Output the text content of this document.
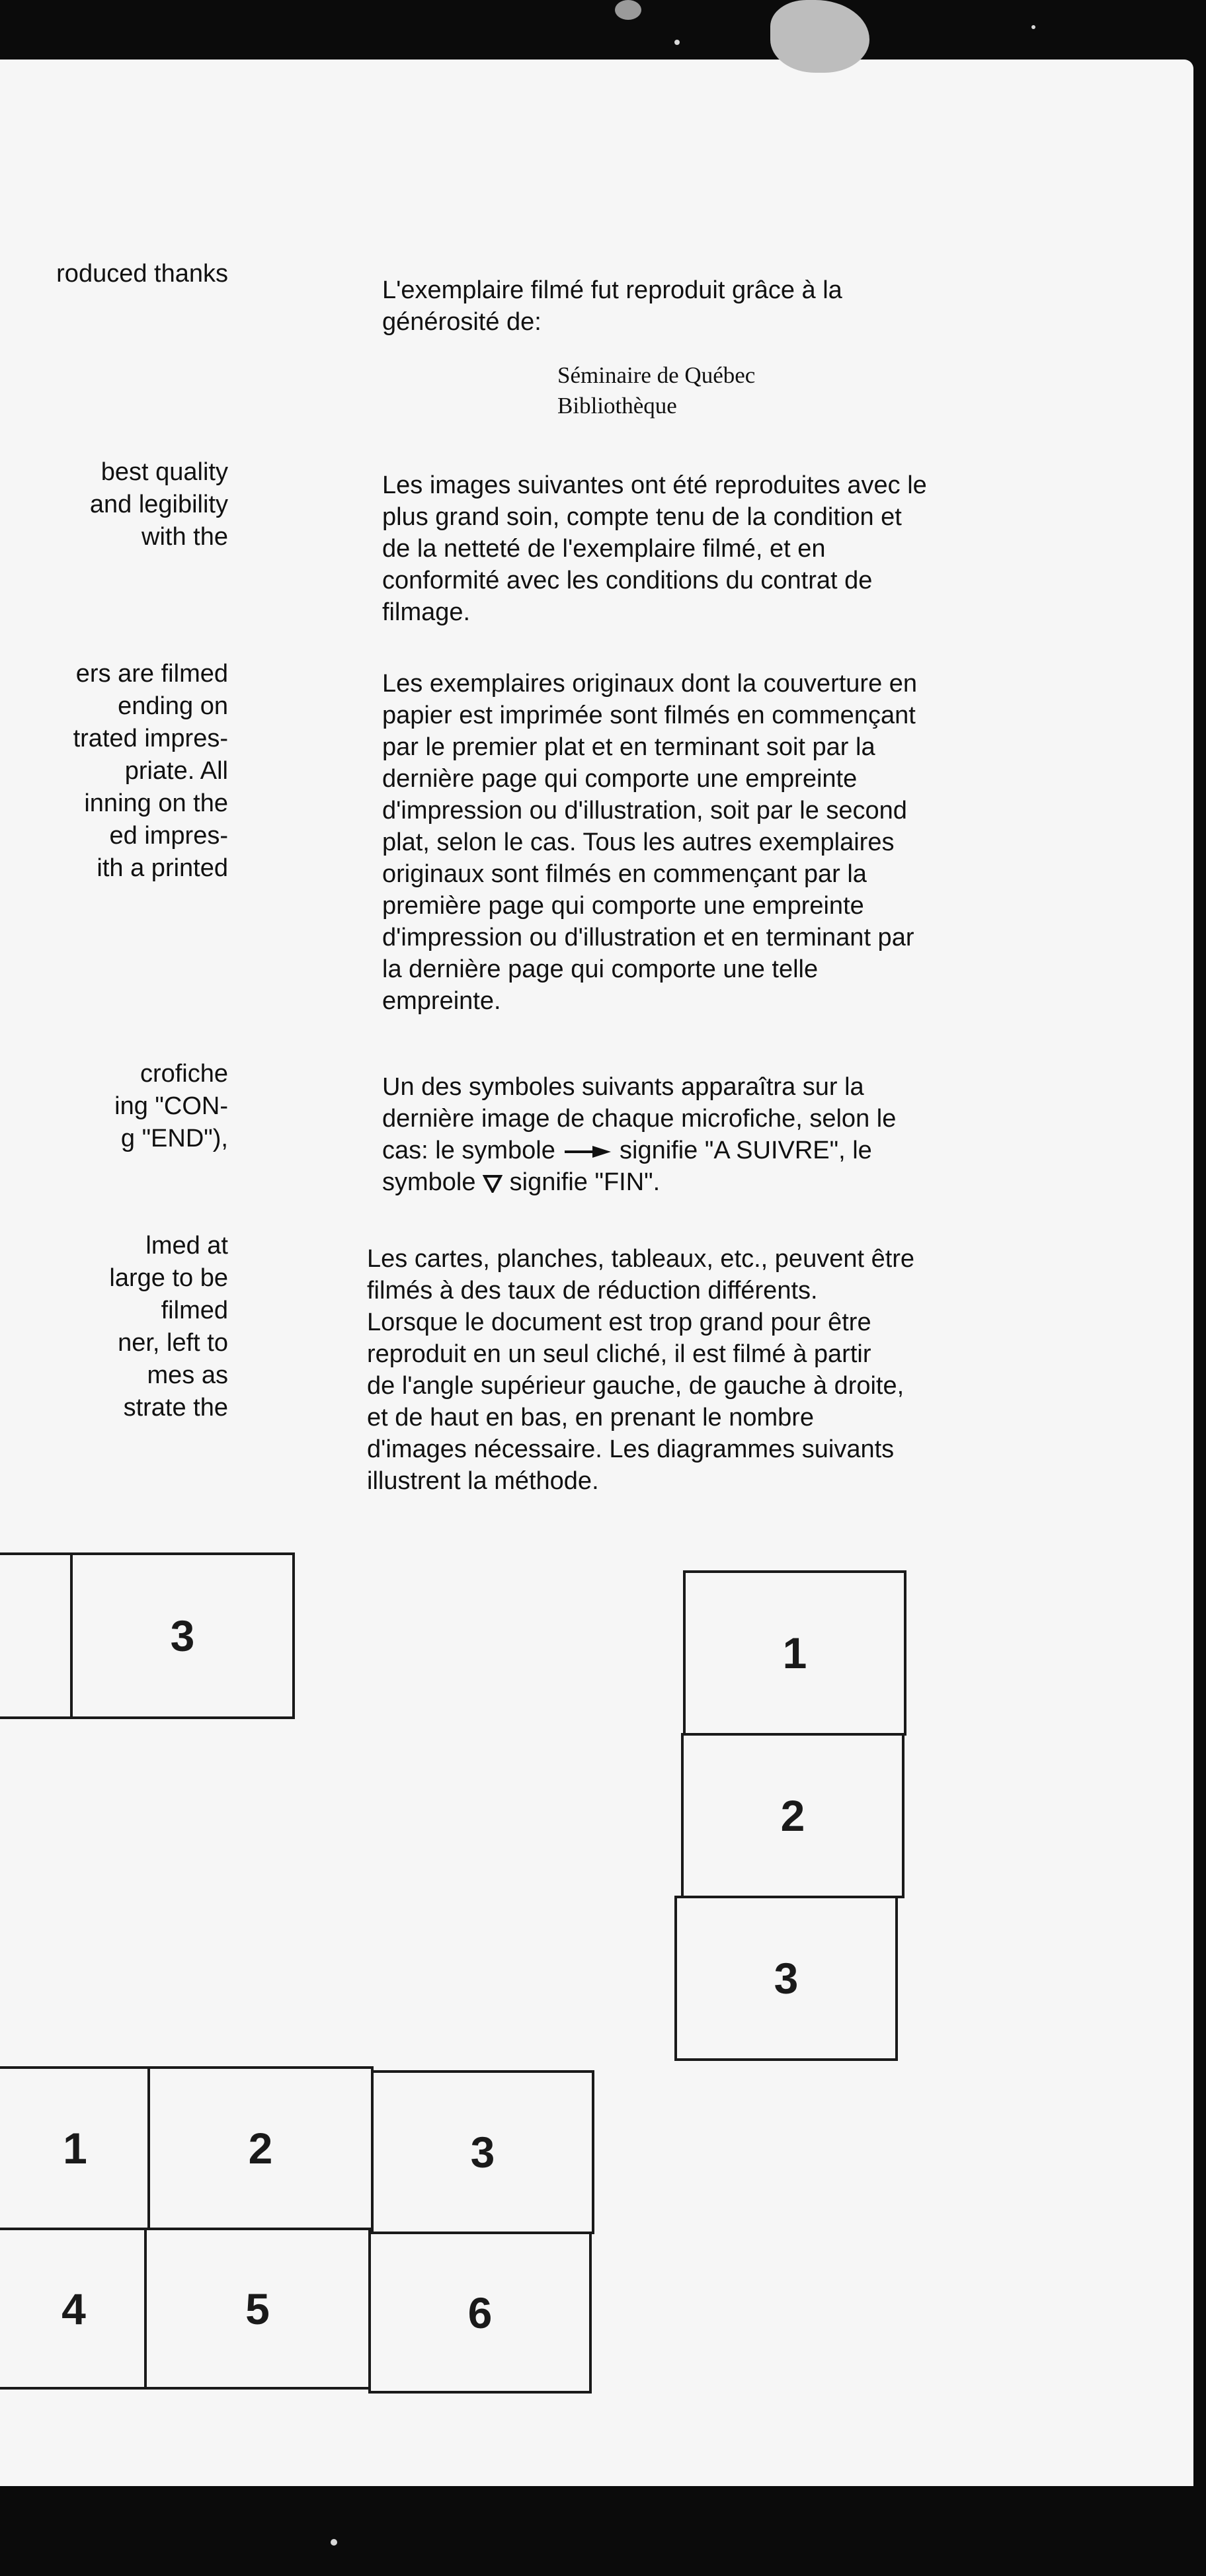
roduced thanks
best quality
and legibility
with the
ers are filmed
ending on
trated impres-
priate. All
inning on the
ed impres-
ith a printed
crofiche
ing "CON-
g "END"),
lmed at
large to be
filmed
ner, left to
mes as
strate the
L'exemplaire filmé fut reproduit grâce à la
générosité de:
Séminaire de Québec
Bibliothèque
Les images suivantes ont été reproduites avec le
plus grand soin, compte tenu de la condition et
de la netteté de l'exemplaire filmé, et en
conformité avec les conditions du contrat de
filmage.
Les exemplaires originaux dont la couverture en
papier est imprimée sont filmés en commençant
par le premier plat et en terminant soit par la
dernière page qui comporte une empreinte
d'impression ou d'illustration, soit par le second
plat, selon le cas. Tous les autres exemplaires
originaux sont filmés en commençant par la
première page qui comporte une empreinte
d'impression ou d'illustration et en terminant par
la dernière page qui comporte une telle
empreinte.
Un des symboles suivants apparaîtra sur la
dernière image de chaque microfiche, selon le
cas: le symbole	signifie "A SUIVRE", le
symbole signifie "FIN".
Les cartes, planches, tableaux, etc., peuvent être
filmés à des taux de réduction différents.
Lorsque le document est trop grand pour être
reproduit en un seul cliché, il est filmé à partir
de l'angle supérieur gauche, de gauche à droite,
et de haut en bas, en prenant le nombre
d'images nécessaire. Les diagrammes suivants
illustrent la méthode.
3	1
2
3
1	2	3
4	5	6
